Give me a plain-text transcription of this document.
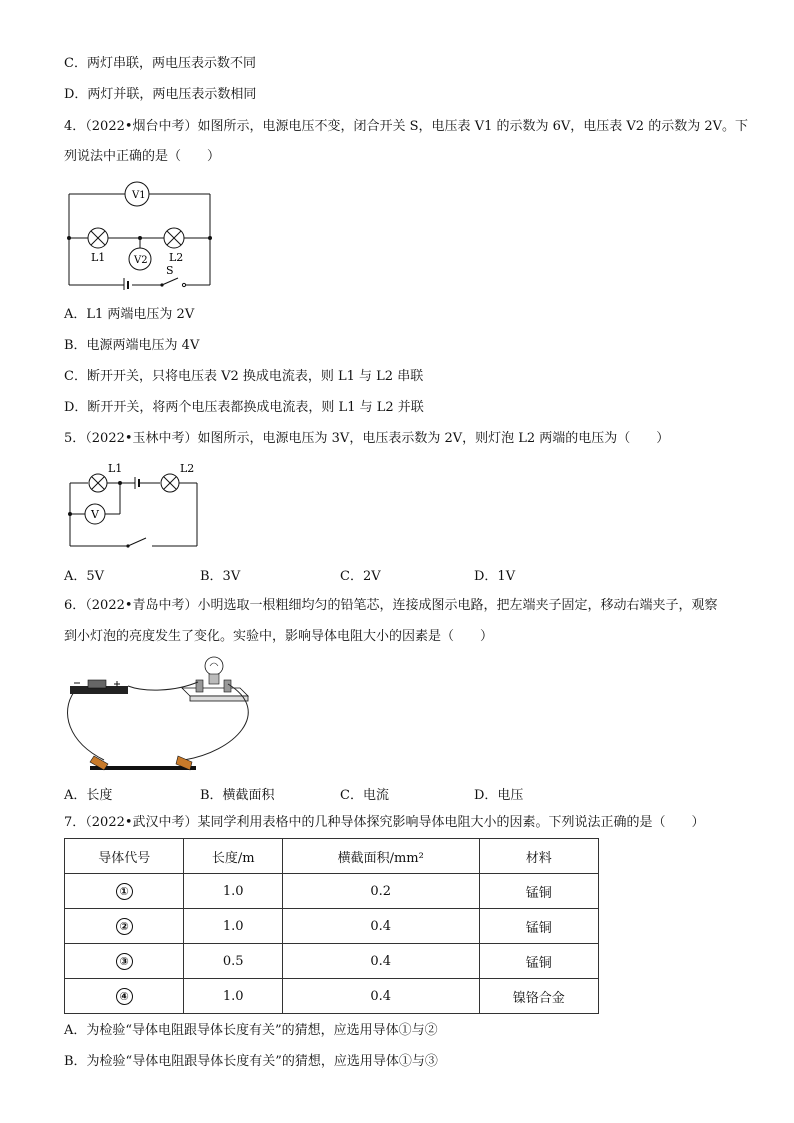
C．两灯串联，两电压表示数不同
D．两灯并联，两电压表示数相同
4．（2022•烟台中考）如图所示，电源电压不变，闭合开关 S，电压表 V1 的示数为 6V，电压表 V2 的示数为 2V。下
列说法中正确的是（　　）
V1
V2
L1	L2
S
A．L1 两端电压为 2V
B．电源两端电压为 4V
C．断开开关，只将电压表 V2 换成电流表，则 L1 与 L2 串联
D．断开开关，将两个电压表都换成电流表，则 L1 与 L2 并联
5．（2022•玉林中考）如图所示，电源电压为 3V，电压表示数为 2V，则灯泡 L2 两端的电压为（　　）
L1	L2
V
A．5V	B．3V	C．2V	D．1V
6．（2022•青岛中考）小明选取一根粗细均匀的铅笔芯，连接成图示电路，把左端夹子固定，移动右端夹子，观察
到小灯泡的亮度发生了变化。实验中，影响导体电阻大小的因素是（　　）
A．长度	B．横截面积	C．电流	D．电压
7．（2022•武汉中考）某同学利用表格中的几种导体探究影响导体电阻大小的因素。下列说法正确的是（　　）
导体代号	长度/m	横截面积/mm²	材料
①	1.0	0.2	锰铜
②	1.0	0.4	锰铜
③	0.5	0.4	锰铜
④	1.0	0.4	镍铬合金
A．为检验“导体电阻跟导体长度有关”的猜想，应选用导体①与②
B．为检验“导体电阻跟导体长度有关”的猜想，应选用导体①与③
